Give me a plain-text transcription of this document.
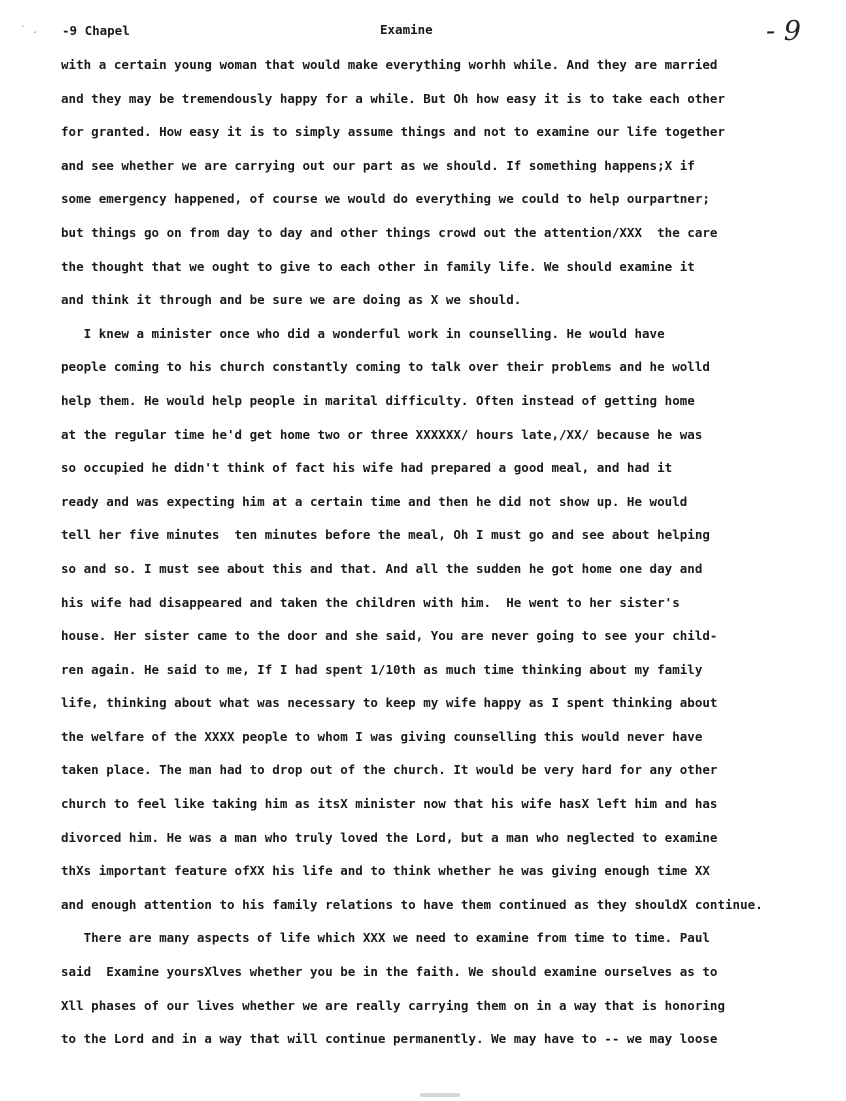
` . -9 Chapel	Examine	- 9
with a certain young woman that would make everything worhh while. And they are married
and they may be tremendously happy for a while. But Oh how easy it is to take each other
for granted. How easy it is to simply assume things and not to examine our life together
and see whether we are carrying out our part as we should. If something happens;X if
some emergency happened, of course we would do everything we could to help ourpartner;
but things go on from day to day and other things crowd out the attention/XXX  the care
the thought that we ought to give to each other in family life. We should examine it
and think it through and be sure we are doing as X we should.
I knew a minister once who did a wonderful work in counselling. He would have
people coming to his church constantly coming to talk over their problems and he wolld
help them. He would help people in marital difficulty. Often instead of getting home
at the regular time he'd get home two or three XXXXXX/ hours late,/XX/ because he was
so occupied he didn't think of fact his wife had prepared a good meal, and had it
ready and was expecting him at a certain time and then he did not show up. He would
tell her five minutes  ten minutes before the meal, Oh I must go and see about helping
so and so. I must see about this and that. And all the sudden he got home one day and
his wife had disappeared and taken the children with him.  He went to her sister's
house. Her sister came to the door and she said, You are never going to see your child-
ren again. He said to me, If I had spent 1/10th as much time thinking about my family
life, thinking about what was necessary to keep my wife happy as I spent thinking about
the welfare of the XXXX people to whom I was giving counselling this would never have
taken place. The man had to drop out of the church. It would be very hard for any other
church to feel like taking him as itsX minister now that his wife hasX left him and has
divorced him. He was a man who truly loved the Lord, but a man who neglected to examine
thXs important feature ofXX his life and to think whether he was giving enough time XX
and enough attention to his family relations to have them continued as they shouldX continue.
There are many aspects of life which XXX we need to examine from time to time. Paul
said  Examine yoursXlves whether you be in the faith. We should examine ourselves as to
Xll phases of our lives whether we are really carrying them on in a way that is honoring
to the Lord and in a way that will continue permanently. We may have to -- we may loose
